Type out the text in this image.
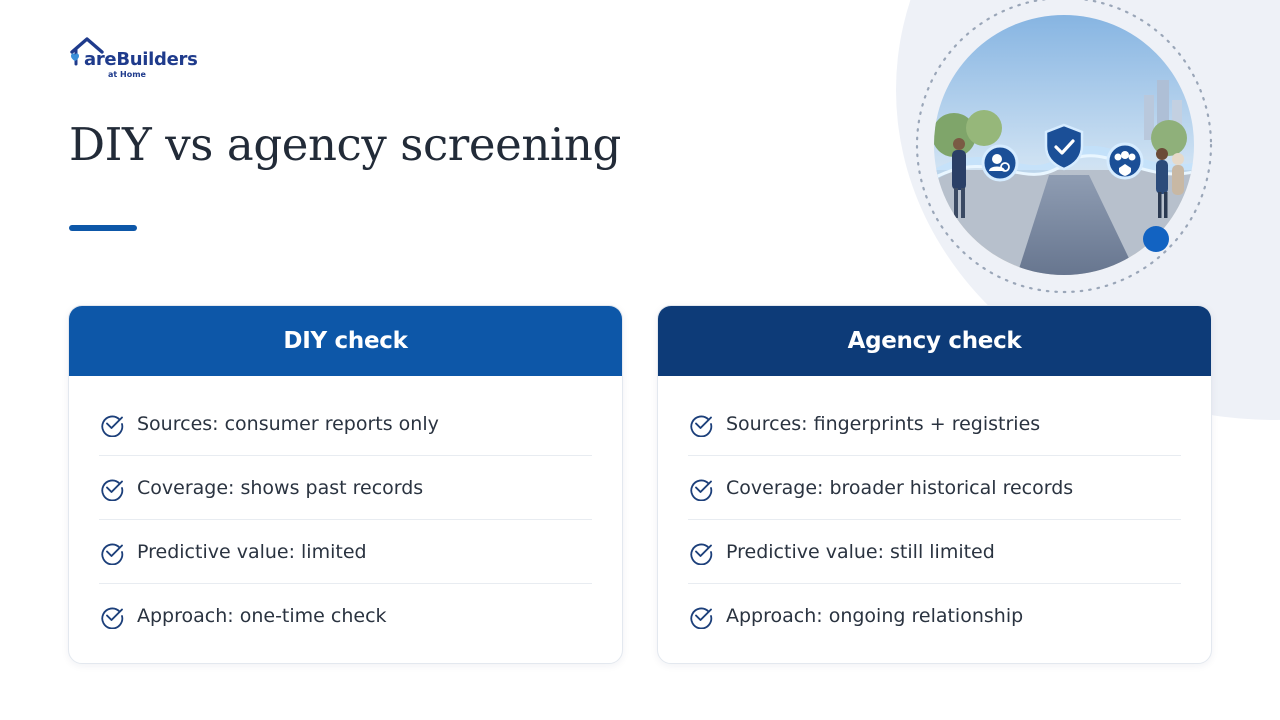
areBuilders
at Home
DIY vs agency screening
DIY check
Sources: consumer reports only
Coverage: shows past records
Predictive value: limited
Approach: one-time check
Agency check
Sources: fingerprints + registries
Coverage: broader historical records
Predictive value: still limited
Approach: ongoing relationship
